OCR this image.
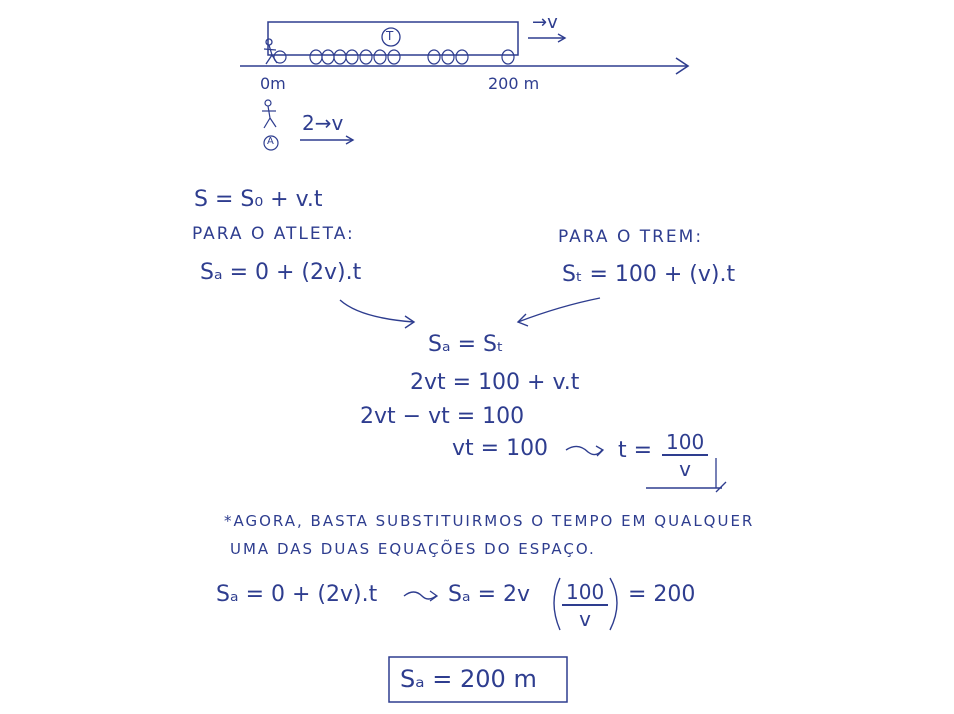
T
→v
A
2→v
0m	200 m
S = S₀ + v.t
PARA O ATLETA:
Sₐ = 0 + (2v).t
PARA O TREM:
Sₜ = 100 + (v).t
Sₐ = Sₜ
2vt = 100 + v.t
2vt − vt = 100
vt = 100	$t = \frac{100}{v}$
*AGORA, BASTA SUBSTITUIRMOS O TEMPO EM QUALQUER
UMA DAS DUAS EQUAÇÕES DO ESPAÇO.
Sₐ = 0 + (2v).t	$S_a = 2v \frac{100}{v} = 200$
Sₐ = 200 m
